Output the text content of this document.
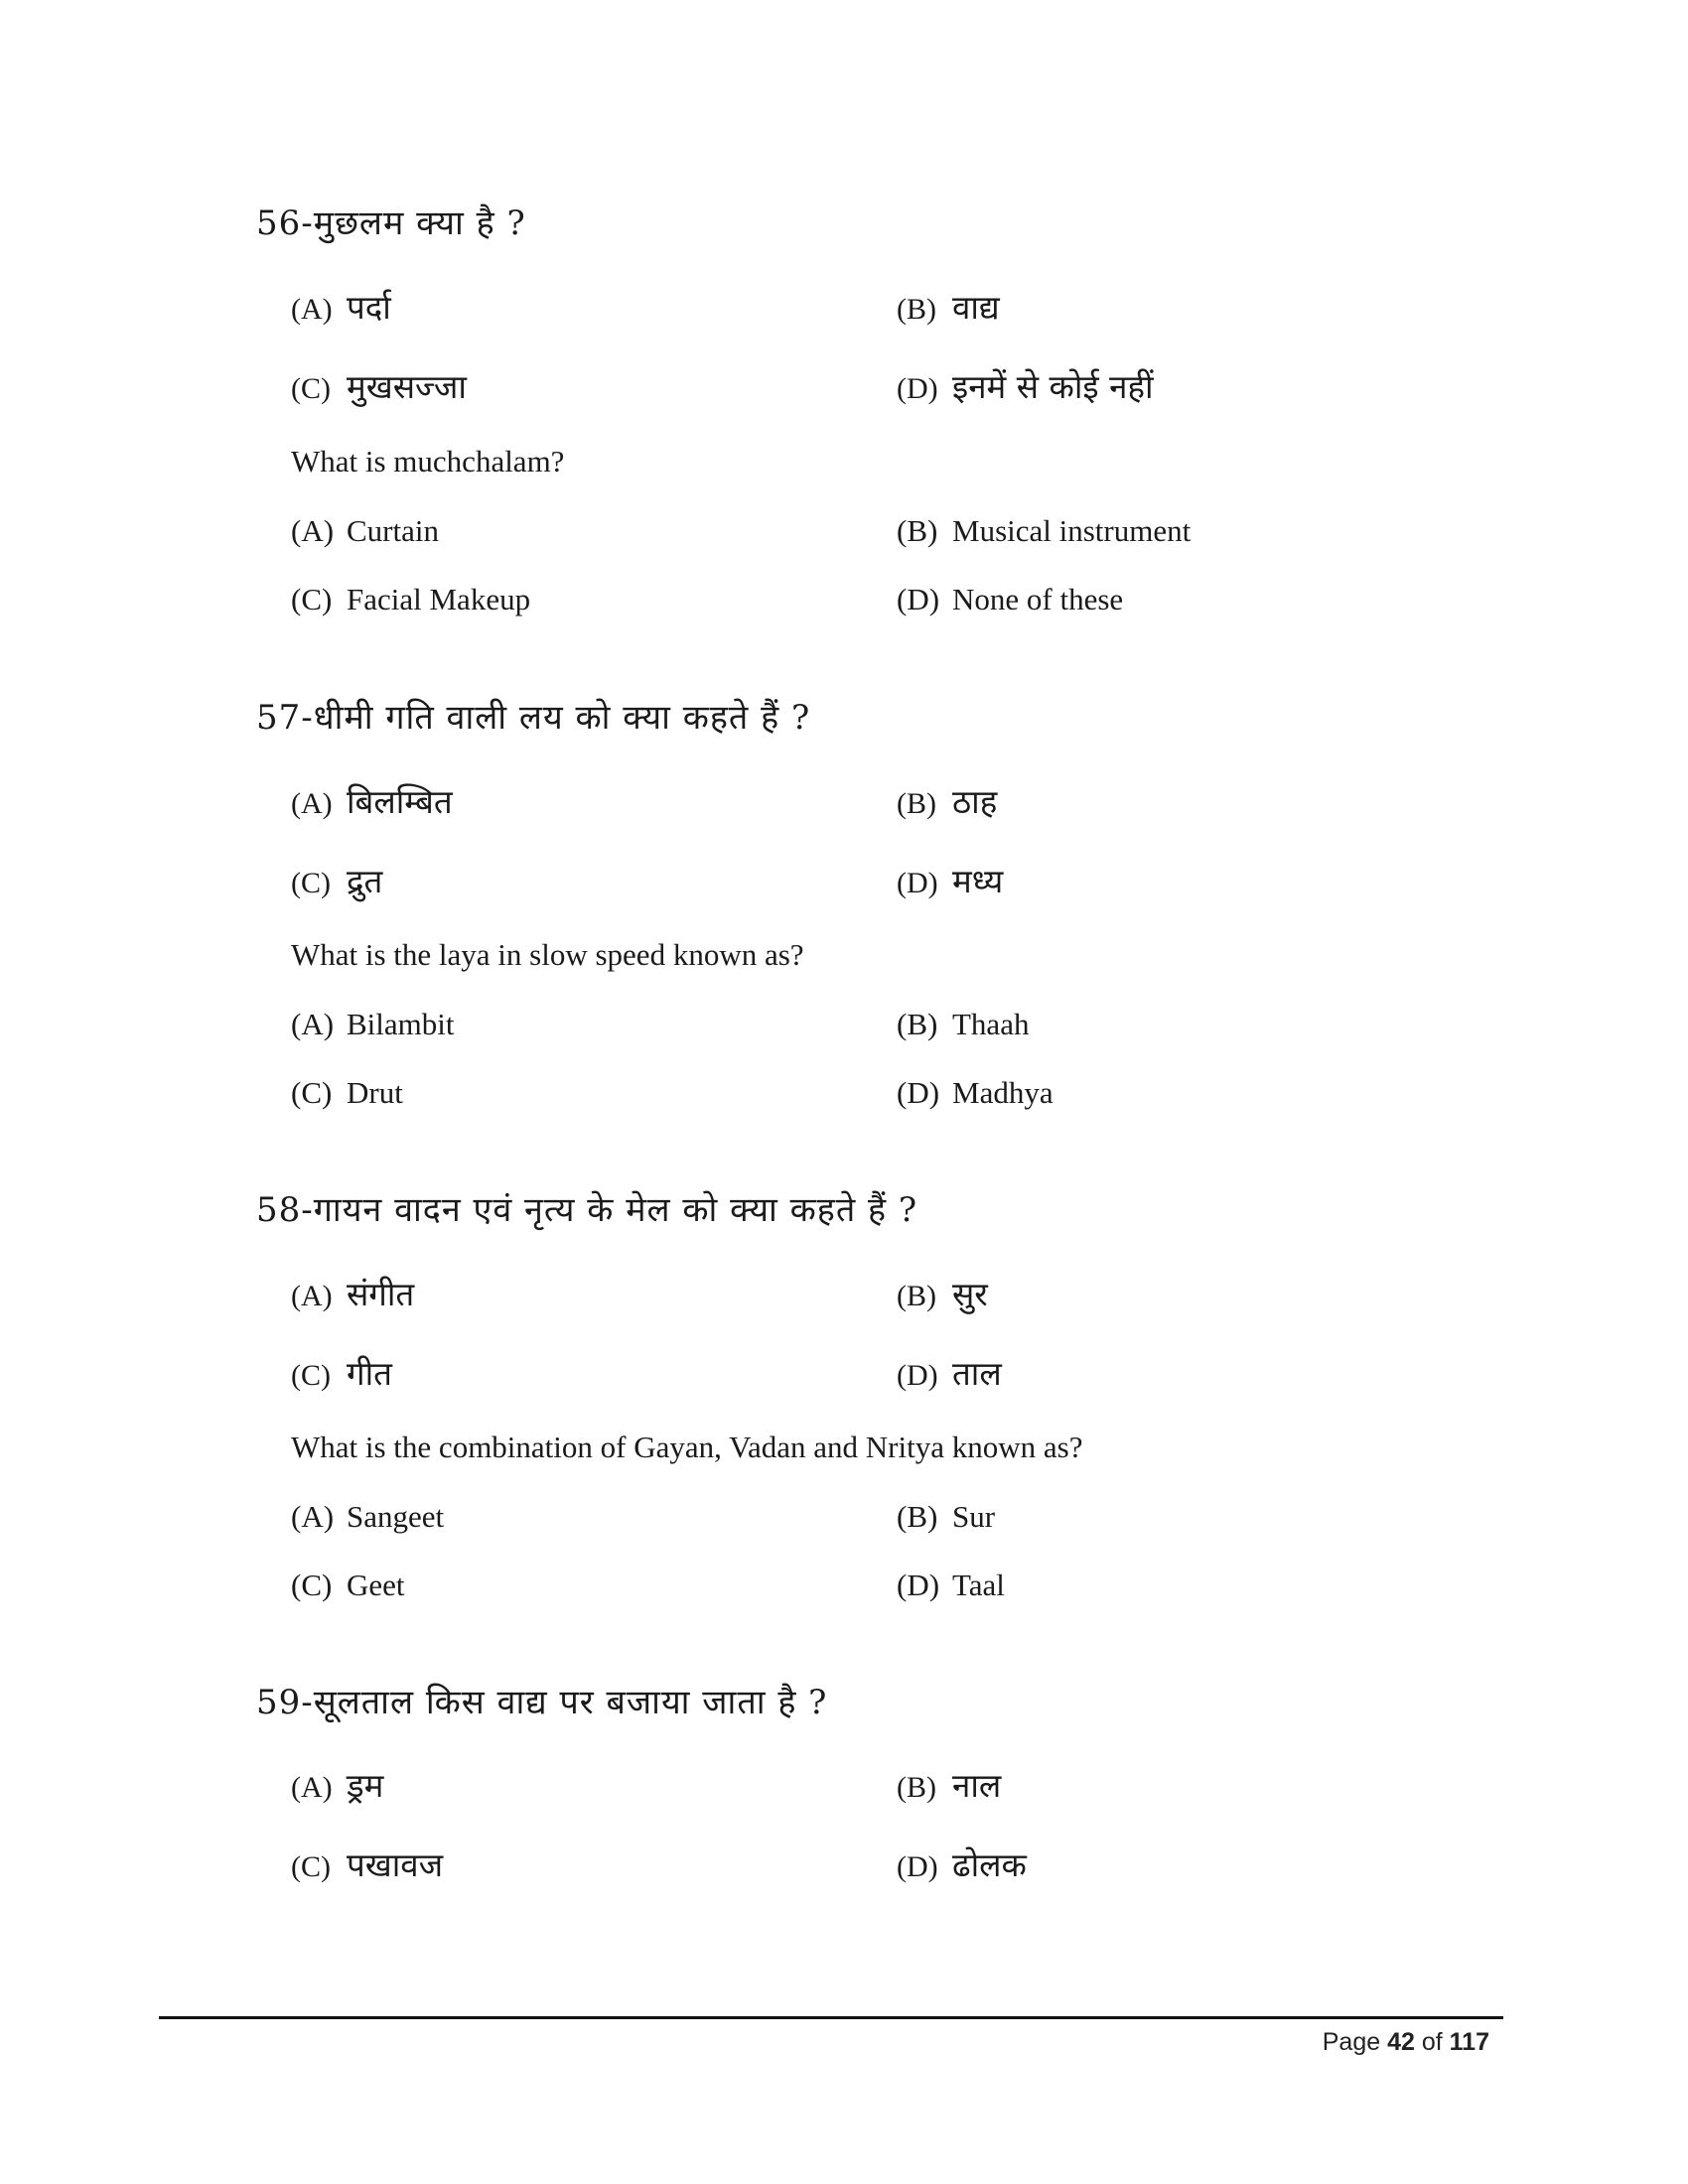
56-मुछलम क्या है ?
(A) पर्दा	(B) वाद्य
(C) मुखसज्जा	(D) इनमें से कोई नहीं
What is muchchalam?
(A) Curtain	(B) Musical instrument
(C) Facial Makeup	(D) None of these
57-धीमी गति वाली लय को क्या कहते हैं ?
(A) बिलम्बित	(B) ठाह
(C) द्रुत	(D) मध्य
What is the laya in slow speed known as?
(A) Bilambit	(B) Thaah
(C) Drut	(D) Madhya
58-गायन वादन एवं नृत्य के मेल को क्या कहते हैं ?
(A) संगीत	(B) सुर
(C) गीत	(D) ताल
What is the combination of Gayan, Vadan and Nritya known as?
(A) Sangeet	(B) Sur
(C) Geet	(D) Taal
59-सूलताल किस वाद्य पर बजाया जाता है ?
(A) ड्रम	(B) नाल
(C) पखावज	(D) ढोलक
Page 42 of 117
